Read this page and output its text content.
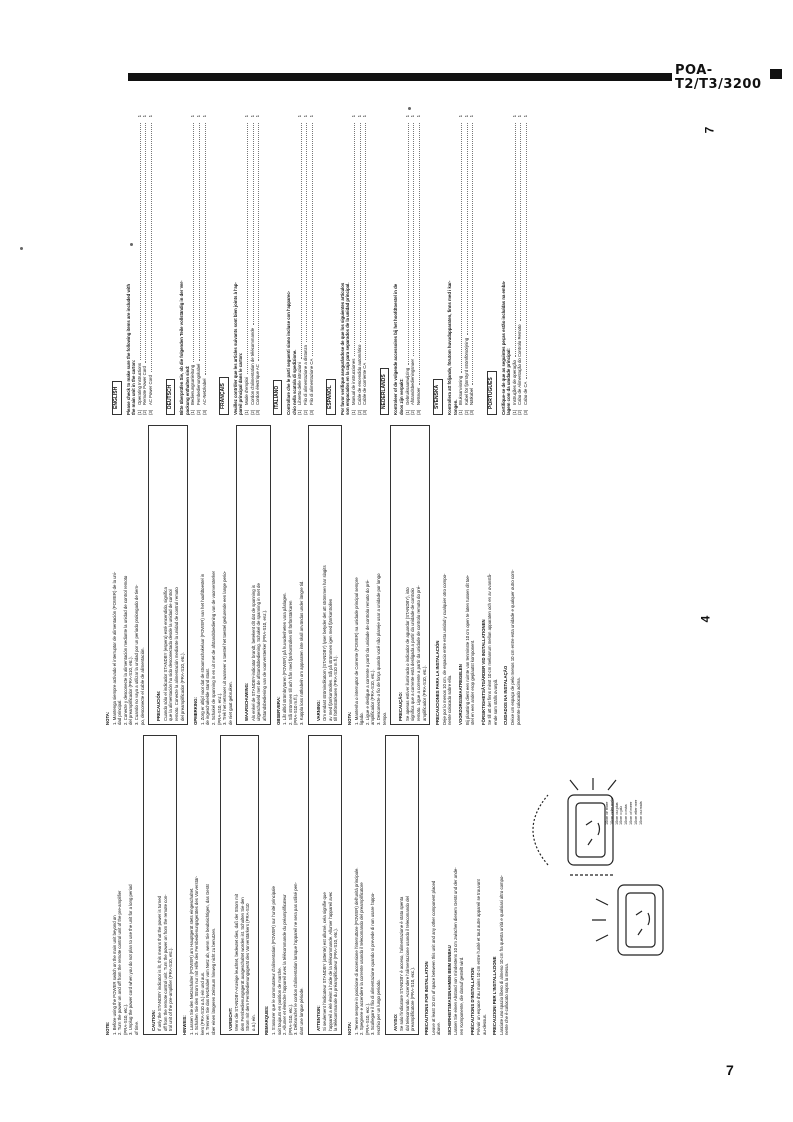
POA-T2/T3/3200
7
4
7
NOTE: 1. Before using the POWER switch on the main unit beyond on 2. Turn the power on and off from the remote control unit of the pre-amplifier (PRA-S10, etc.). 3. Unplug the power cord when you do not plan to use the unit for a long period of time.	CAUTION: If only the STANDBY indicator is lit, this means that the power is turned off from the remote control unit. Turn the power on from the remote con- trol unit of the pre-amplifier (PRA-S10, etc.). HINWEIS: 1. Lassen Sie den Netzschalter (POWER) am Hauptgerät stets eingeschaltet. 2. Schalten Sie den Strom nur mit Hilfe des Fernbedienungsgerätes des Vorverstär- kers (PRA-S10 o.ä.) ein und aus. 3. Trennen Sie das Netzkabel vom Netz ab, wenn Sie beabsichtigen, das Gerät über einen längeren Zeitraum hinweg nicht zu benutzen.	VORSICHT: Wenn die STANDBY-Anzeige leuchtet, bedeutet dies, daß der Strom mit dem Fernbedienungsgerät ausgeschaltet worden ist. Schalten Sie den Strom mit dem Fernbedienungsgerät des Vorverstärkers (PRA-S10 o.ä.) ein. REMARQUES: 1. S'assurer que le commutateur d'alimentation (POWER) sur l'unité principale soit toujours en position de marche. 2. Allumer et éteindre l'appareil avec la télécommande du préamplificateur (PRA-S10, etc.). 3. Débrancher le cordon d'alimentation lorsque l'appareil ne sera pas utilisé pen- dant une longue période.	ATTENTION: Si seulement l'indicateur STANDBY (attente) est allumé, cela signifie que l'appareil a été éteint à l'aide de la télécommande. Allumer l'appareil avec la télécommande du préamplificateur (PRA-S10, etc.). NOTA: 1. Tenere sempre in posizione di accensione l'interruttore (POWER) dell'unità principale. 2. Spegnere e accendere la corrente usando il telecomando del preamplificatore (PRA-S10, ecc.). 3. Scollegare il filo di alimentazione quando si prevede di non usare l'appa- recchio per un lungo periodo.	AVVISO: Se solo l'indicatore STANDBY è acceso, l'alimentazione è stata spenta dal telecomando. Accendere l'alimentazione usando il telecomando del preamplificatore (PRA-S10, ecc.). PRECAUTIONS FOR INSTALLATION Leave at least 10 cm of space between this unit and any other component placed above. SICHERHEITSMASSNAHMEN BEIM EINBAU Lassen Sie einen Abstand von mindestens 10 cm zwischen diesem Gerät und der ande- ren Komponente, die darauf gestellt wird. PRÉCAUTIONS D'INSTALLATION Prévoir un espace d'au moins 10 cm entre l'unité et tout autre appareil se trouvant au-dessus. PRECAUZIONI PER L'INSTALLAZIONE Lasciate uno spazio libero di almeno 10 cm fra questa unità e qualsiasi altro compo- nente che è collocato sopra la stessa.
NOTA: 1. Mantenga siempre activado el interruptor de alimentación (POWER) de la uni- dad principal. 2. Conecte y desconecte la alimentación mediante la unidad de control remoto del preamplificador (PRA-S10, etc.). 3. Cuando no vaya a utilizar la unidad por un período prolongado de tiem- po, desconecte el cable de alimentación.	PRECAUCIÓN: Cuando sólo el indicador STANDBY (espera) esté encendido, significa que la alimentación ha sido desconectada desde la unidad de control remoto. Conecte la alimentación mediante la unidad de control remoto del preamplificador (PRA-S10, etc.). OPMERKING: 1. Zorg er altijd voor dat de stroomschakelaar (POWER) van het hoofdtoestel in de ingeschakelde stand staat. 2. Schakel de spanning in en uit met de afstandsbediening van de voorversterker (PRA-S10, enz.). 3. Trek het netsnoer uit wanneer u toestel het toestel gedurende een lange perio- de niet gaat gebruiken.	WAARSCHUWING: Als enkel de STANDBY-indicator brandt, betekent dit dat de spanning is uitgeschakeld met de afstandsbediening. Schakel de spanning in met de afstandsbediening van de voorversterker (PRA-S10, enz.). OBSERVERA: 1. Låt alltid strömbrytaren (POWER) på huvudenheten vara påslagen. 2. Slå strömmen till och från med fjärrkontrollen till förförstärkaren (PRA-S10 m.fl.). 3. Koppla loss nätkabeln om apparaten inte skall användas under längre tid.	VARNING: Om endast strömindikatorn (STANDBY) lyser betyder det att strömmen har slagits av med fjärrkontrollen. Slå på strömmen igen med fjärrkontrollen till förförstärkaren (PRA-S10 m.fl.). NOTA: 1. Mantenha o interruptor de Corrente (POWER) na unidade principal sempre ligado. 2. Ligue e desligue a corrente a partir da unidade de controlo remoto do pré- amplificador (PRA-S10, etc.). 3. Desconecte o fio de força quando você não planeje usar a unidade por longo tempo.	PRECAUÇÃO: Se apenas estiver iluminado o indicador de aguardar (STANDBY), isto significa que a corrente está desligada a partir da unidade de controlo remoto. Ligue a corrente a partir da unidade de controlo remoto do pré- amplificador (PRA-S10, etc.). PRECAUCIONES PARA LA INSTALACIÓN Deje por lo menos 10 cm. de espacio entre esta unidad y cualquier otro compo- nente colocado sobre ella. VOORZORGSMAATREGELEN Bij plaatsing dient een ruimte van tenminste 10 cm open te laten tussen dit toe- stel en een ander erop geplaatst komponent. FÖRSIKTIGHETSÅTGÄRDER VID INSTALLATIONEN Se till att det finns minst 10 cm mellanrum mellan apparaten och en av ovanstå- ende som ställs ovanpå. CUIDADOS NA INSTALAÇÃO Deixe um espaço de pelo menos 10 cm entre esta unidade e qualquer outro com- ponente colocado acima.
10cm or more 10cm oder mehr 10cm ou plus 10cm o più 10cm o más 10cm of meer 10cm eller mer 10cm ou mais
ENGLISH Please check to make sure the following items are included with the main unit in the carton: (1)
Operating Instructions
1
(2)
Remote Power Cord
1
(3)
AC Power Cord
1
DEUTSCH Bitte überprüfen Sie, ob die folgenden Teile vollständig in der Ver- packung enthalten sind: (1)
Bedienungsanleitung
1
(2)
Fernbedienungskabel
1
(3)
AC-Netzkabel
1
FRANÇAIS Veuillez contrôler que les articles suivants sont bien joints à l'ap- pareil principal dans le carton: (1)
Mode d'emploi
1
(2)
Cordon d'alimentation de télécommande
1
(3)
Cordon électrique AC
1
ITALIANO Controllare che le parti seguenti siano incluse con l'apparec- chio nella scatola di spedizione. (1)
Libretto delle istruzioni
1
(2)
Filo di alimentazione a distanza
1
(3)
Filo di alimentazione CA
1
ESPAÑOL Por favor verifique asegurándose de que los siguientes artículos son empacados en la caja para separados de la unidad principal. (1)
Manual de instrucciones
1
(2)
Cable de encendido automático
1
(3)
Cable de corriente CA
1
NEDERLANDS Kontroleer of de volgende accessoires bij het hoofdtoestel in de doos zijn verpakt: (1)
Gebruiksaanwijzing
1
(2)
Afstandsbedieningsnoer
1
(3)
Netsnoer
1
SVENSKA Kontrollera att följande, förutom huvudapparaten, finns med i kar- tongen. (1)
Bruksanvisning
1
(2)
Kabel för fjärrstyrd strömförsörjning
1
(3)
Nätkabel
1
PORTUGUÊS Certifique-se de que as seguintes peças estão incluídas na emba- lagem com da unidade principal: (1)
Instruções de operação
1
(2)
Cabo de Alimentação do Controlo Remoto
1
(3)
Cabo de CA
1
